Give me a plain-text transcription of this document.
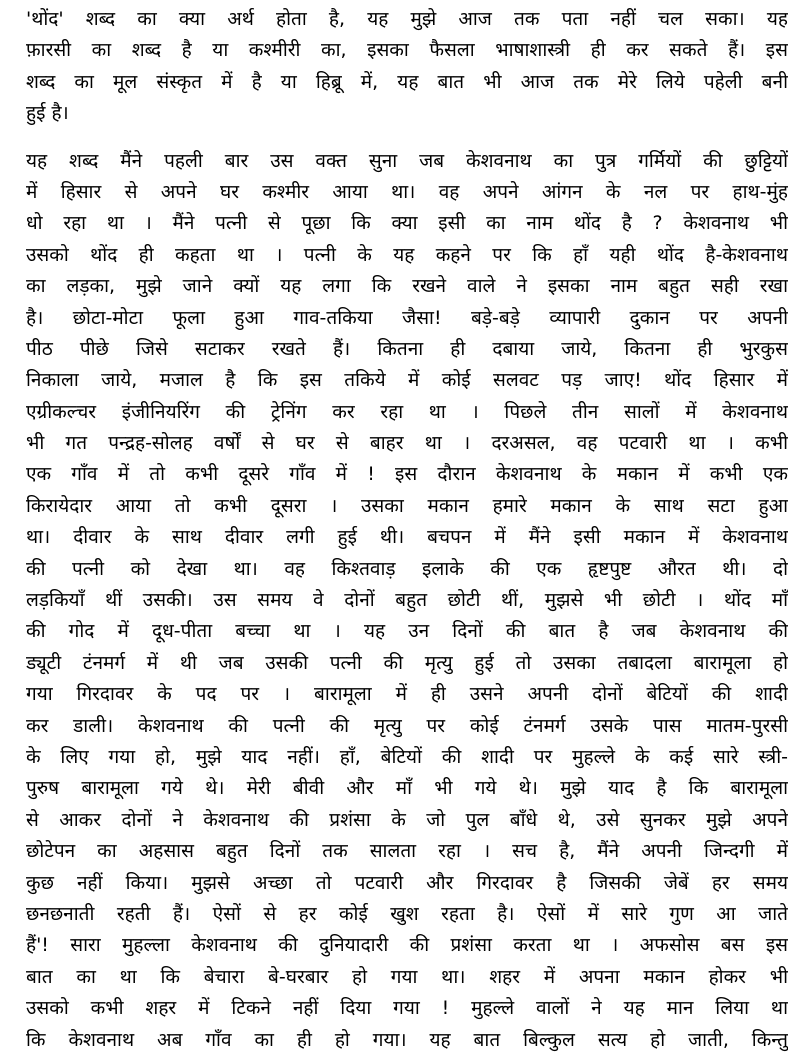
'थोंद' शब्द का क्या अर्थ होता है, यह मुझे आज तक पता नहीं चल सका। यह
फ़ारसी का शब्द है या कश्मीरी का, इसका फैसला भाषाशास्त्री ही कर सकते हैं। इस
शब्द का मूल संस्कृत में है या हिब्रू में, यह बात भी आज तक मेरे लिये पहेली बनी
हुई है।
यह शब्द मैंने पहली बार उस वक्त सुना जब केशवनाथ का पुत्र गर्मियों की छुट्टियों
में हिसार से अपने घर कश्मीर आया था। वह अपने आंगन के नल पर हाथ-मुंह
धो रहा था । मैंने पत्नी से पूछा कि क्या इसी का नाम थोंद है ? केशवनाथ भी
उसको थोंद ही कहता था । पत्नी के यह कहने पर कि हाँ यही थोंद है-केशवनाथ
का लड़का, मुझे जाने क्यों यह लगा कि रखने वाले ने इसका नाम बहुत सही रखा
है। छोटा-मोटा फूला हुआ गाव-तकिया जैसा! बड़े-बड़े व्यापारी दुकान पर अपनी
पीठ पीछे जिसे सटाकर रखते हैं। कितना ही दबाया जाये, कितना ही भुरकुस
निकाला जाये, मजाल है कि इस तकिये में कोई सलवट पड़ जाए! थोंद हिसार में
एग्रीकल्चर इंजीनियरिंग की ट्रेनिंग कर रहा था । पिछले तीन सालों में केशवनाथ
भी गत पन्द्रह-सोलह वर्षों से घर से बाहर था । दरअसल, वह पटवारी था । कभी
एक गाँव में तो कभी दूसरे गाँव में ! इस दौरान केशवनाथ के मकान में कभी एक
किरायेदार आया तो कभी दूसरा । उसका मकान हमारे मकान के साथ सटा हुआ
था। दीवार के साथ दीवार लगी हुई थी। बचपन में मैंने इसी मकान में केशवनाथ
की पत्नी को देखा था। वह किश्तवाड़ इलाके की एक हृष्टपुष्ट औरत थी। दो
लड़कियाँ थीं उसकी। उस समय वे दोनों बहुत छोटी थीं, मुझसे भी छोटी । थोंद माँ
की गोद में दूध-पीता बच्चा था । यह उन दिनों की बात है जब केशवनाथ की
ड्यूटी टंनमर्ग में थी जब उसकी पत्नी की मृत्यु हुई तो उसका तबादला बारामूला हो
गया गिरदावर के पद पर । बारामूला में ही उसने अपनी दोनों बेटियों की शादी
कर डाली। केशवनाथ की पत्नी की मृत्यु पर कोई टंनमर्ग उसके पास मातम-पुरसी
के लिए गया हो, मुझे याद नहीं। हाँ, बेटियों की शादी पर मुहल्ले के कई सारे स्त्री-
पुरुष बारामूला गये थे। मेरी बीवी और माँ भी गये थे। मुझे याद है कि बारामूला
से आकर दोनों ने केशवनाथ की प्रशंसा के जो पुल बाँधे थे, उसे सुनकर मुझे अपने
छोटेपन का अहसास बहुत दिनों तक सालता रहा । सच है, मैंने अपनी जिन्दगी में
कुछ नहीं किया। मुझसे अच्छा तो पटवारी और गिरदावर है जिसकी जेबें हर समय
छनछनाती रहती हैं। ऐसों से हर कोई खुश रहता है। ऐसों में सारे गुण आ जाते
हैं'! सारा मुहल्ला केशवनाथ की दुनियादारी की प्रशंसा करता था । अफसोस बस इस
बात का था कि बेचारा बे-घरबार हो गया था। शहर में अपना मकान होकर भी
उसको कभी शहर में टिकने नहीं दिया गया ! मुहल्ले वालों ने यह मान लिया था
कि केशवनाथ अब गाँव का ही हो गया। यह बात बिल्कुल सत्य हो जाती, किन्तु
